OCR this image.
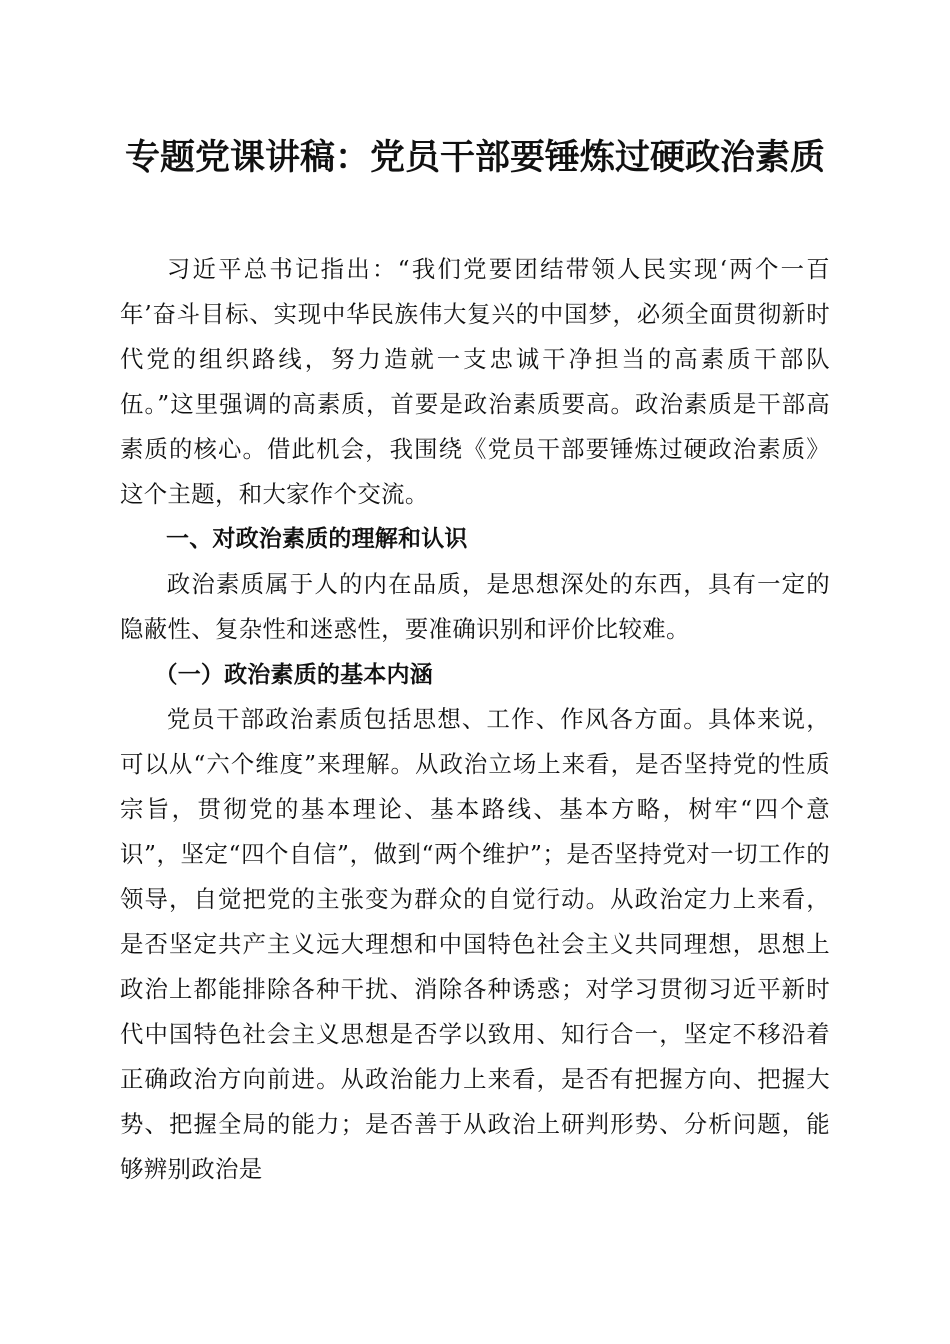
专题党课讲稿：党员干部要锤炼过硬政治素质

习近平总书记指出：“我们党要团结带领人民实现‘两个一百年’奋斗目标、实现中华民族伟大复兴的中国梦，必须全面贯彻新时代党的组织路线，努力造就一支忠诚干净担当的高素质干部队伍。”这里强调的高素质，首要是政治素质要高。政治素质是干部高素质的核心。借此机会，我围绕《党员干部要锤炼过硬政治素质》这个主题，和大家作个交流。

一、对政治素质的理解和认识

政治素质属于人的内在品质，是思想深处的东西，具有一定的隐蔽性、复杂性和迷惑性，要准确识别和评价比较难。

（一）政治素质的基本内涵

党员干部政治素质包括思想、工作、作风各方面。具体来说，可以从“六个维度”来理解。从政治立场上来看，是否坚持党的性质宗旨，贯彻党的基本理论、基本路线、基本方略，树牢“四个意识”，坚定“四个自信”，做到“两个维护”；是否坚持党对一切工作的领导，自觉把党的主张变为群众的自觉行动。从政治定力上来看，是否坚定共产主义远大理想和中国特色社会主义共同理想，思想上政治上都能排除各种干扰、消除各种诱惑；对学习贯彻习近平新时代中国特色社会主义思想是否学以致用、知行合一，坚定不移沿着正确政治方向前进。从政治能力上来看，是否有把握方向、把握大势、把握全局的能力；是否善于从政治上研判形势、分析问题，能够辨别政治是
